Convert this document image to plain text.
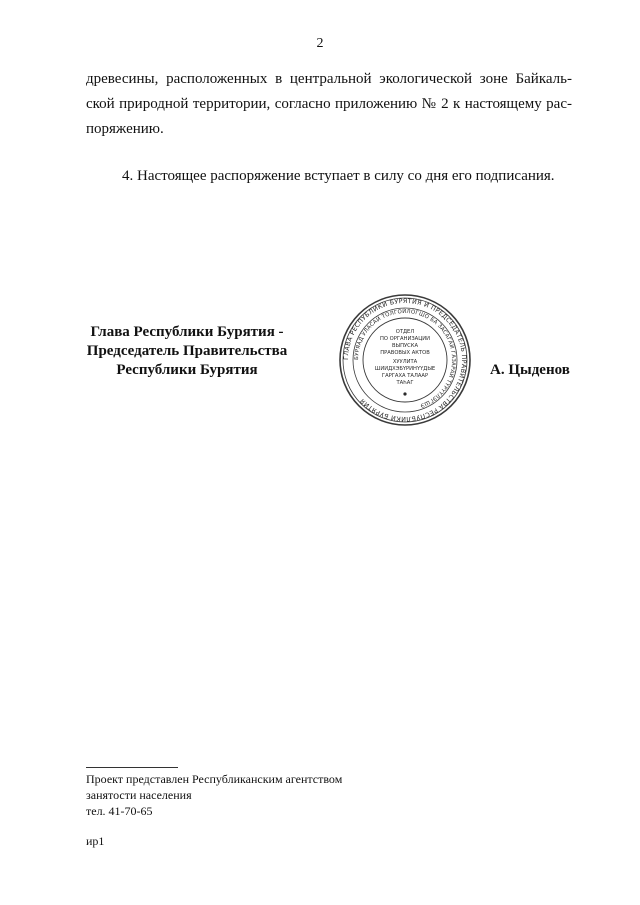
2
древесины, расположенных в центральной экологической зоне Байкаль-
ской природной территории, согласно приложению № 2 к настоящему рас-
поряжению.
4. Настоящее распоряжение вступает в силу со дня его подписания.
Глава Республики Бурятия -
Председатель Правительства
Республики Бурятия
ГЛАВА РЕСПУБЛИКИ БУРЯТИЯ И ПРЕДСЕДАТЕЛЬ ПРАВИТЕЛЬСТВА РЕСПУБЛИКИ БУРЯТИЯ
БУРЯАД УЛАСАЙ ТОЛГОЙЛОГШО БА ЗАСАГАЙ ГАЗАРАЙ ТҮРҮҮЛЭГШЭ
ОТДЕЛ
ПО ОРГАНИЗАЦИИ
ВЫПУСКА
ПРАВОВЫХ АКТОВ
ХУУЛИТА
ШИИДХЭБҮРИНҮҮДЫЕ
ГАРГАХА ТАЛААР
ТАҺАГ
А. Цыденов
Проект представлен Республиканским агентством
занятости населения
тел. 41-70-65
ир1
